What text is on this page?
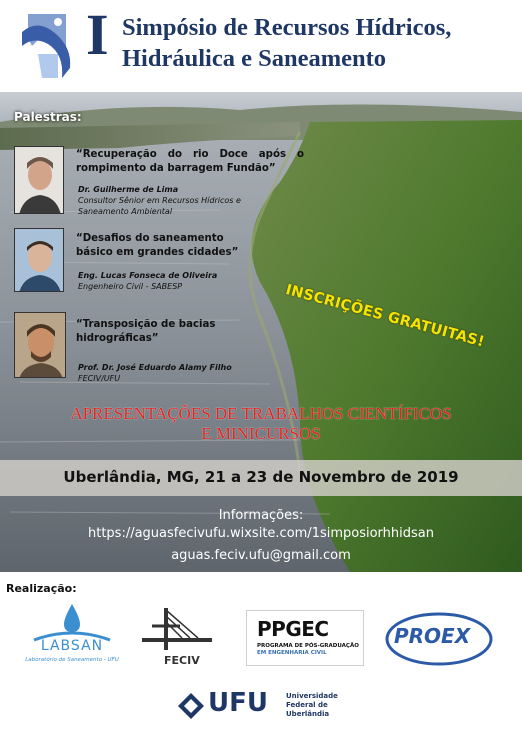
I Simpósio de Recursos Hídricos,
Hidráulica e Saneamento
Palestras:
“Recuperação do rio Doce após o rompimento da barragem Fundão”
Dr. Guilherme de Lima
Consultor Sênior em Recursos Hídricos e Saneamento Ambiental
“Desafios do saneamento básico em grandes cidades”
Eng. Lucas Fonseca de Oliveira
Engenheiro Civil - SABESP
“Transposição de bacias hidrográficas”
Prof. Dr. José Eduardo Alamy Filho
FECIV/UFU
INSCRIÇÕES GRATUITAS!
APRESENTAÇÕES DE TRABALHOS CIENTÍFICOS
E MINICURSOS
Uberlândia, MG, 21 a 23 de Novembro de 2019
Informações:
https://aguasfecivufu.wixsite.com/1simposiorhhidsan
aguas.feciv.ufu@gmail.com
Realização:
LABSAN
Laboratório de Saneamento - UFU	FECIV
PPGEC
PROGRAMA DE PÓS-GRADUAÇÃO
EM ENGENHARIA CIVIL
PROEX
UFU	Universidade
Federal de
Uberlândia
